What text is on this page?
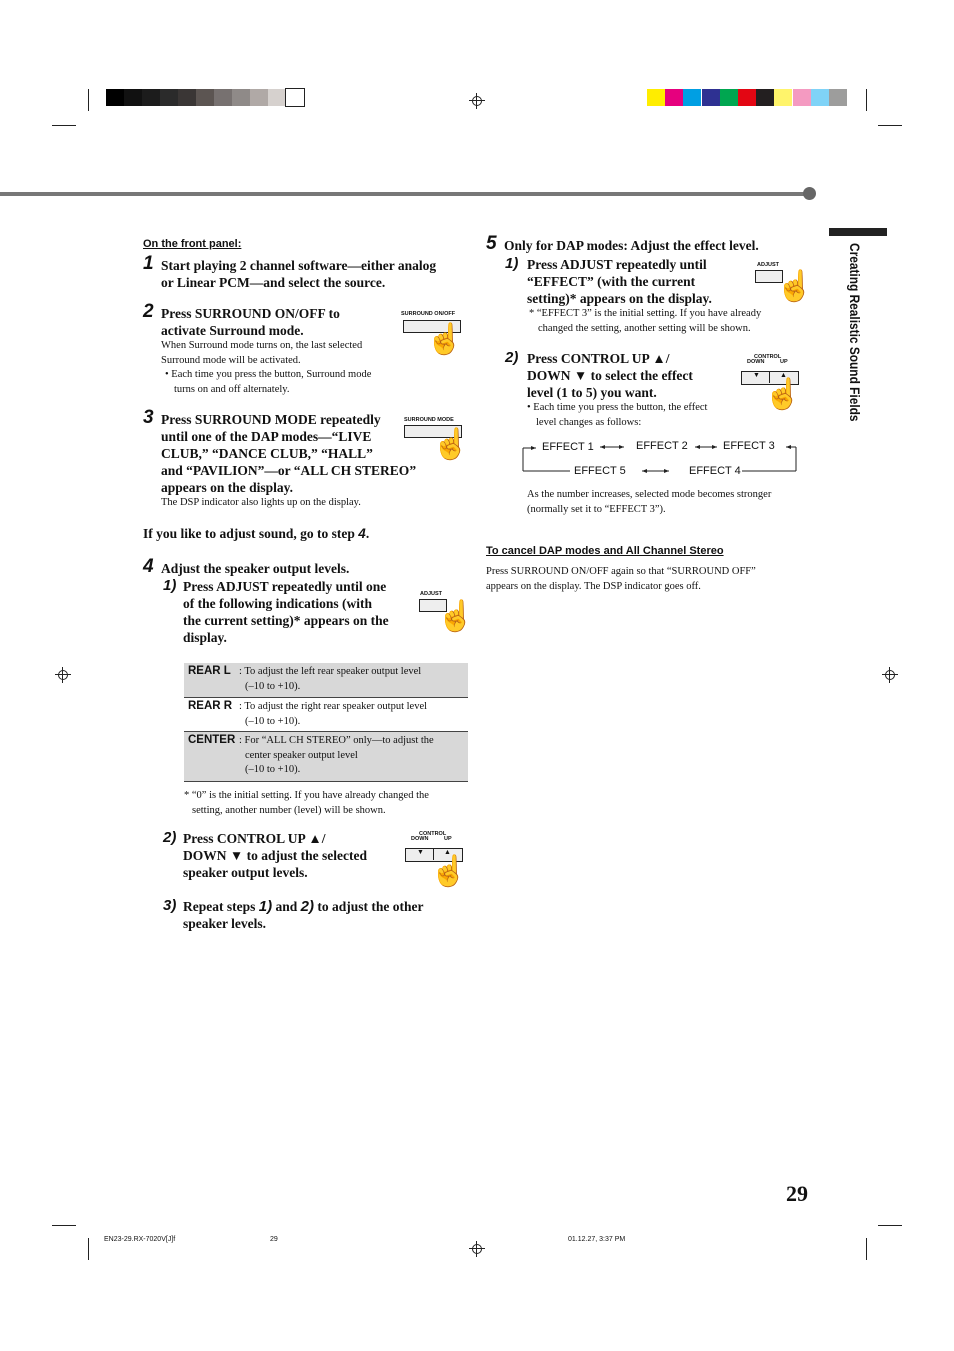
Creating Realistic Sound Fields
On the front panel:
1 Start playing 2 channel software—either analog
or Linear PCM—and select the source.
2 Press SURROUND ON/OFF to
activate Surround mode.
When Surround mode turns on, the last selected
Surround mode will be activated.
• Each time you press the button, Surround mode
turns on and off alternately.
SURROUND ON/OFF
☝
3 Press SURROUND MODE repeatedly
until one of the DAP modes—“LIVE
CLUB,” “DANCE CLUB,” “HALL”
and “PAVILION”—or “ALL CH STEREO”
appears on the display.
The DSP indicator also lights up on the display.
SURROUND MODE
☝
If you like to adjust sound, go to step 4.
4 Adjust the speaker output levels.
1) Press ADJUST repeatedly until one
of the following indications (with
the current setting)* appears on the
display.
ADJUST
☝
REAR L : To adjust the left rear speaker output level
(–10 to +10).
REAR R : To adjust the right rear speaker output level
(–10 to +10).
CENTER : For “ALL CH STEREO” only—to adjust the
center speaker output level
(–10 to +10).
* “0” is the initial setting. If you have already changed the
setting, another number (level) will be shown.
2) Press CONTROL UP ▲/
DOWN ▼ to adjust the selected
speaker output levels.
CONTROL
DOWN	UP
▼	▲
☝
3) Repeat steps 1) and 2) to adjust the other
speaker levels.
5 Only for DAP modes: Adjust the effect level.
1) Press ADJUST repeatedly until
“EFFECT” (with the current
setting)* appears on the display.
* “EFFECT 3” is the initial setting. If you have already
changed the setting, another setting will be shown.
ADJUST
☝
2) Press CONTROL UP ▲/
DOWN ▼ to select the effect
level (1 to 5) you want.
• Each time you press the button, the effect
level changes as follows:
CONTROL
DOWN	UP
▼	▲
☝
EFFECT 1	EFFECT 2	EFFECT 3
EFFECT 5	EFFECT 4
As the number increases, selected mode becomes stronger
(normally set it to “EFFECT 3”).
To cancel DAP modes and All Channel Stereo
Press SURROUND ON/OFF again so that “SURROUND OFF”
appears on the display. The DSP indicator goes off.
29
EN23-29.RX-7020V[J]f	29	01.12.27, 3:37 PM
